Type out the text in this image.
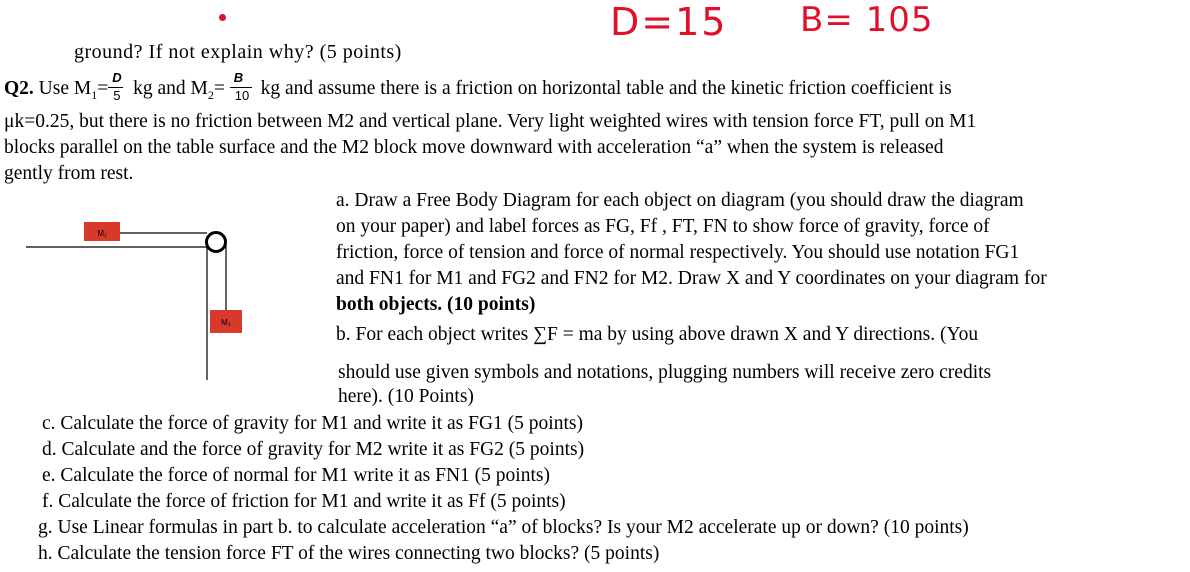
D=15 B= 105
ground? If not explain why? (5 points)
Q2. Use $M_1= \frac{D}{5}$ kg and $M_2= \frac{B}{10}$ kg and assume there is a friction on horizontal table and the kinetic friction coefficient is
μk=0.25, but there is no friction between M2 and vertical plane. Very light weighted wires with tension force FT, pull on M1
blocks parallel on the table surface and the M2 block move downward with acceleration “a” when the system is released
gently from rest.
M₁
M₂
a. Draw a Free Body Diagram for each object on diagram (you should draw the diagram
on your paper) and label forces as FG, Ff , FT, FN to show force of gravity, force of
friction, force of tension and force of normal respectively. You should use notation FG1
and FN1 for M1 and FG2 and FN2 for M2. Draw X and Y coordinates on your diagram for
both objects. (10 points)
b. For each object writes ∑F = ma by using above drawn X and Y directions. (You
should use given symbols and notations, plugging numbers will receive zero credits
here). (10 Points)
c. Calculate the force of gravity for M1 and write it as FG1 (5 points)
d. Calculate and the force of gravity for M2 write it as FG2 (5 points)
e. Calculate the force of normal for M1 write it as FN1 (5 points)
f. Calculate the force of friction for M1 and write it as Ff (5 points)
g. Use Linear formulas in part b. to calculate acceleration “a” of blocks? Is your M2 accelerate up or down? (10 points)
h. Calculate the tension force FT of the wires connecting two blocks? (5 points)
